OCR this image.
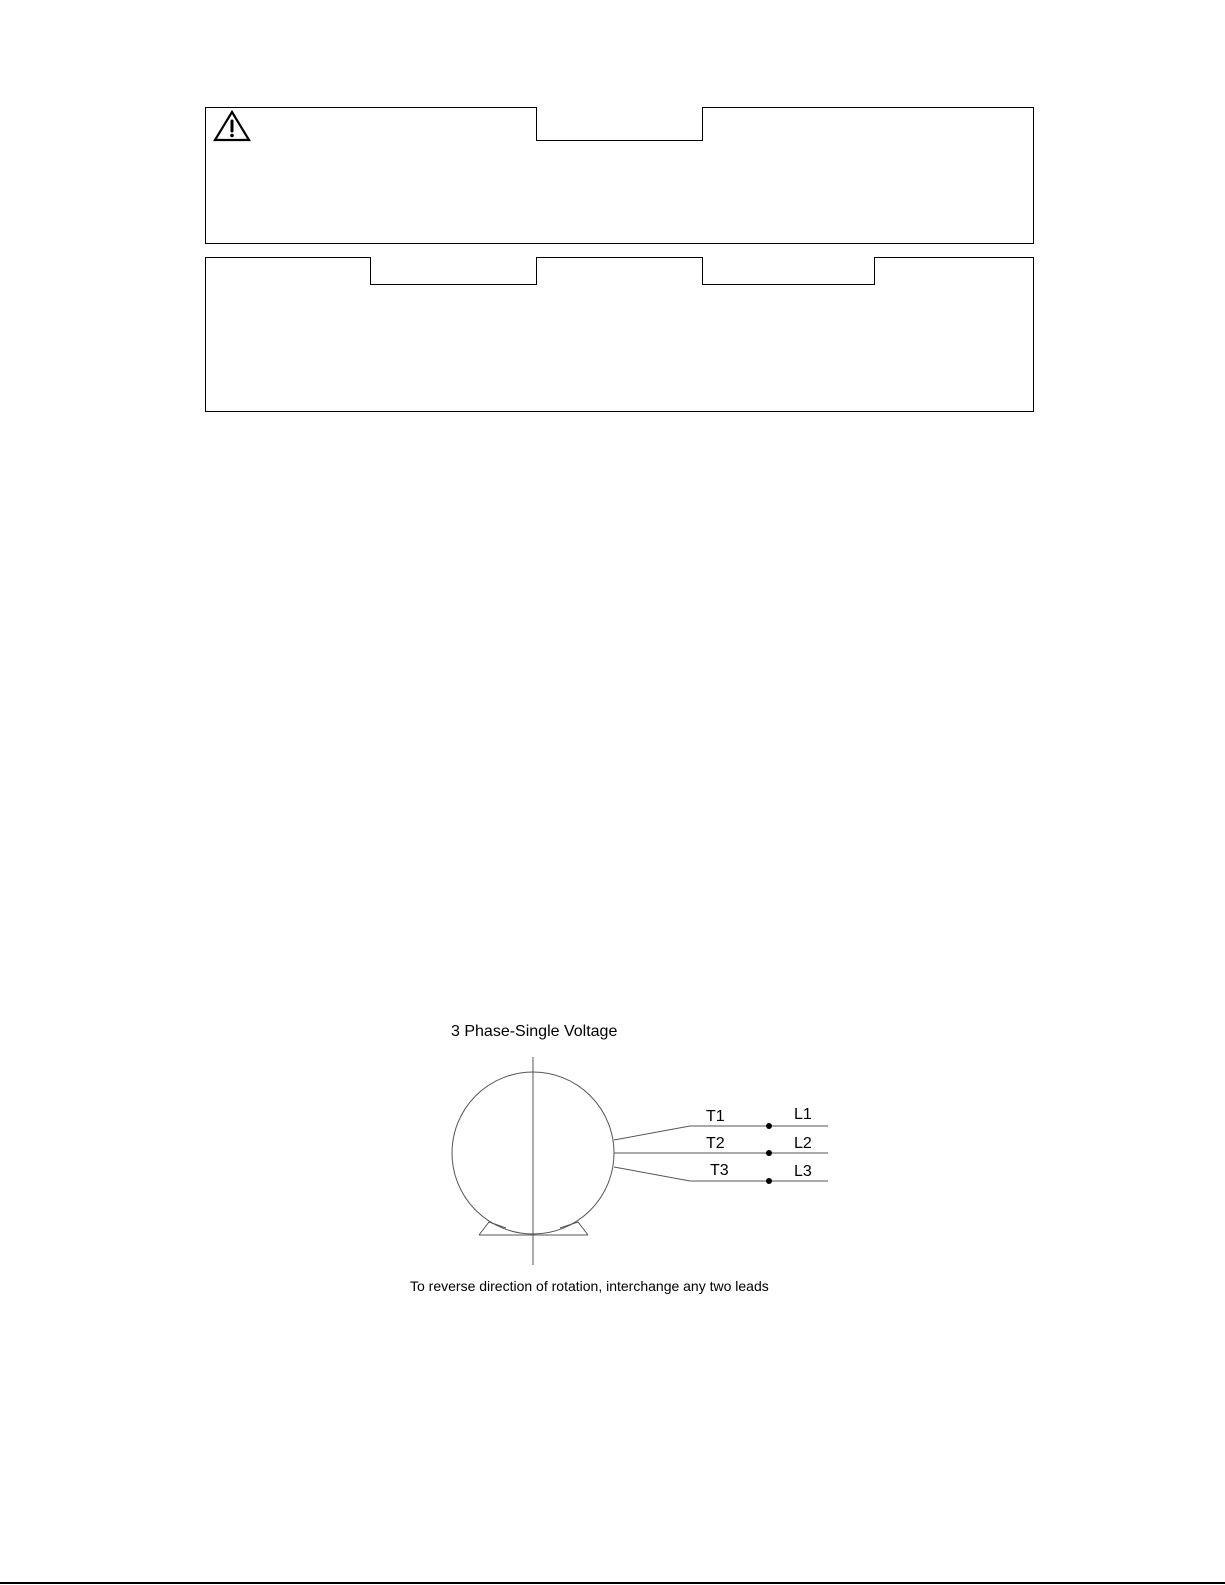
3 Phase-Single Voltage
T1
T2
T3
L1
L2
L3
To reverse direction of rotation, interchange any two leads
